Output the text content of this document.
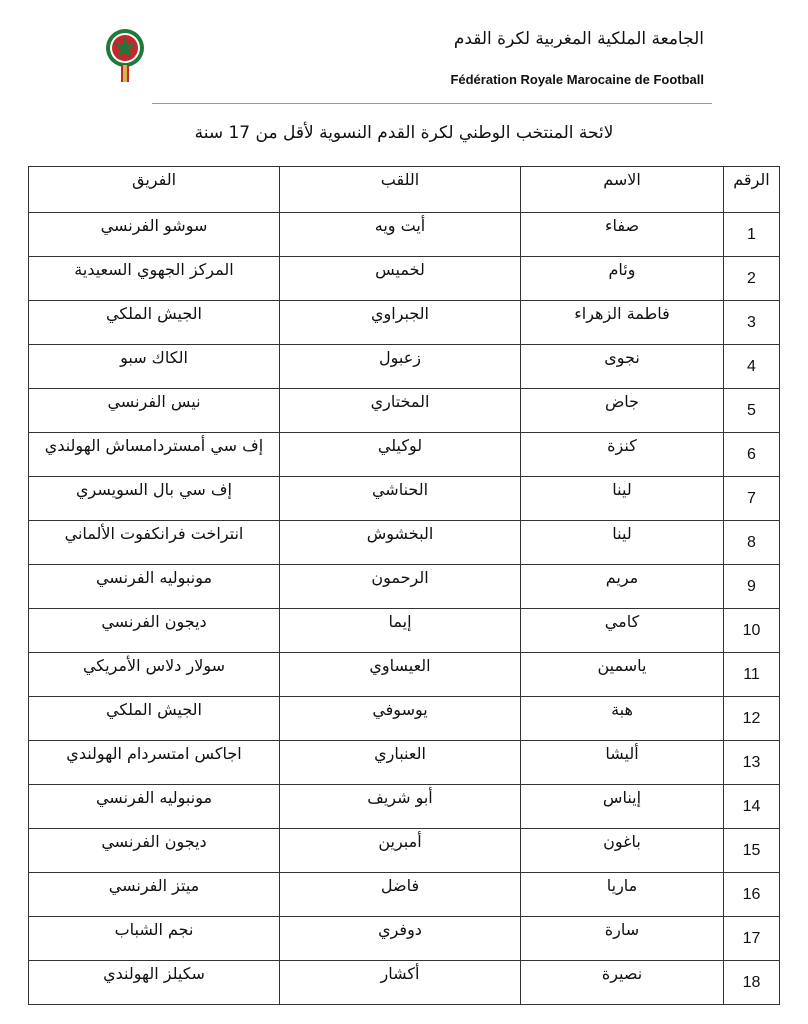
الجامعة الملكية المغربية لكرة القدم
Fédération Royale Marocaine de Football
لائحة المنتخب الوطني لكرة القدم النسوية لأقل من 17 سنة
الرقم	الاسم	اللقب	الفريق
1	صفاء	أيت ويه	سوشو الفرنسي
2	وئام	لخميس	المركز الجهوي السعيدية
3	فاطمة الزهراء	الجبراوي	الجيش الملكي
4	نجوى	زعبول	الكاك سبو
5	جاض	المختاري	نيس الفرنسي
6	كنزة	لوكيلي	إف سي أمستردامساش الهولندي
7	لينا	الحناشي	إف سي بال السويسري
8	لينا	البخشوش	انتراخت فرانكفوت الألماني
9	مريم	الرحمون	مونبوليه الفرنسي
10	كامي	إيما	ديجون الفرنسي
11	ياسمين	العيساوي	سولار دلاس الأمريكي
12	هبة	يوسوفي	الجيش الملكي
13	أليشا	العنباري	اجاكس امتسردام الهولندي
14	إيناس	أبو شريف	مونبوليه الفرنسي
15	باغون	أمبرين	ديجون الفرنسي
16	ماريا	فاضل	ميتز الفرنسي
17	سارة	دوفري	نجم الشباب
18	نصيرة	أكشار	سكيلز الهولندي
